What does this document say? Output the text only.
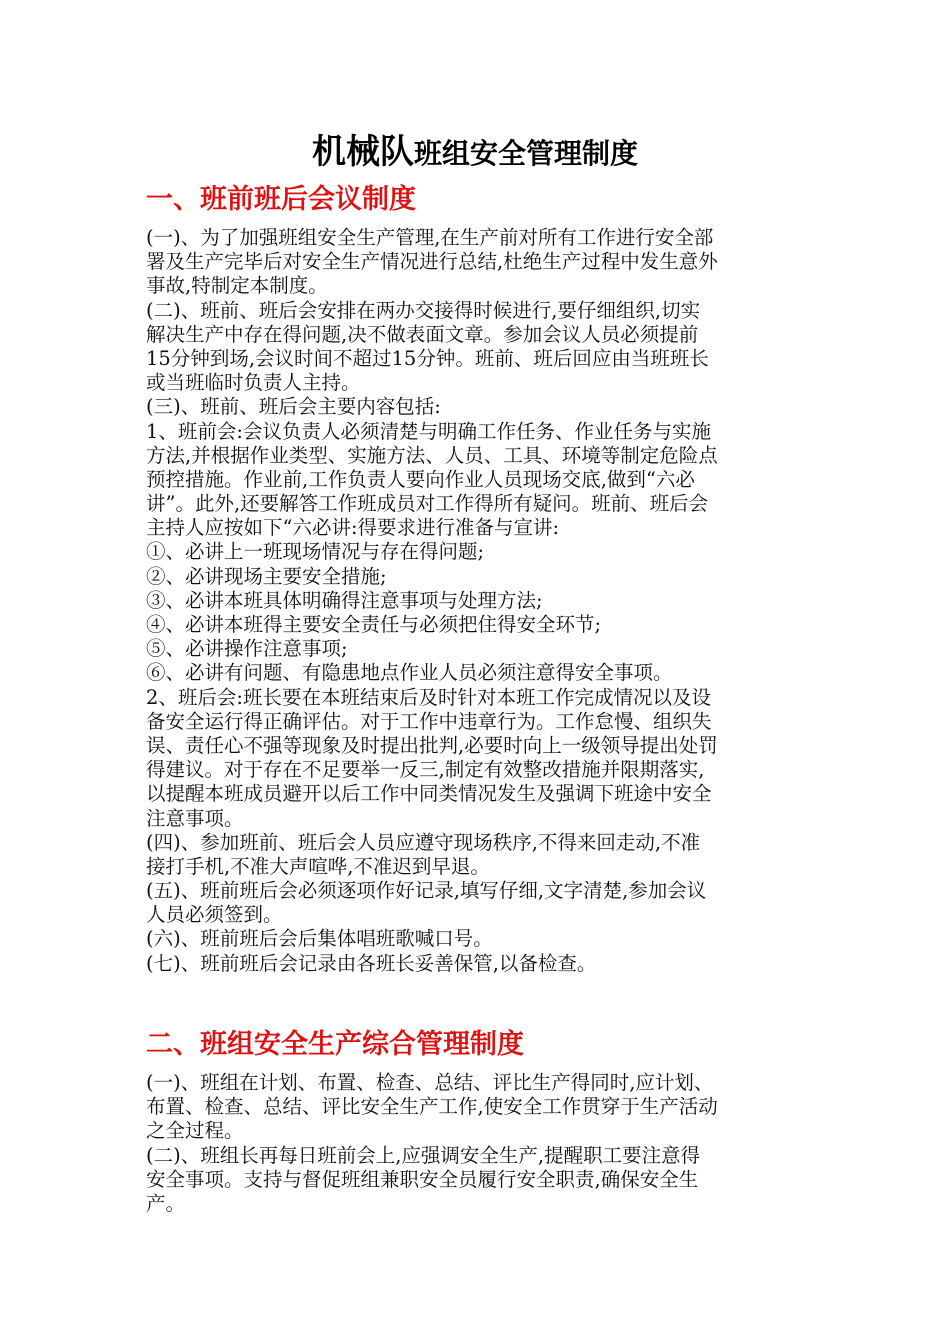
机械队班组安全管理制度
一、班前班后会议制度
(一)、为了加强班组安全生产管理,在生产前对所有工作进行安全部
署及生产完毕后对安全生产情况进行总结,杜绝生产过程中发生意外
事故,特制定本制度。
(二)、班前、班后会安排在两办交接得时候进行,要仔细组织,切实
解决生产中存在得问题,决不做表面文章。参加会议人员必须提前
15分钟到场,会议时间不超过15分钟。班前、班后回应由当班班长
或当班临时负责人主持。
(三)、班前、班后会主要内容包括:
1、班前会:会议负责人必须清楚与明确工作任务、作业任务与实施
方法,并根据作业类型、实施方法、人员、工具、环境等制定危险点
预控措施。作业前,工作负责人要向作业人员现场交底,做到“六必
讲”。此外,还要解答工作班成员对工作得所有疑问。班前、班后会
主持人应按如下“六必讲:得要求进行准备与宣讲:
①、必讲上一班现场情况与存在得问题;
②、必讲现场主要安全措施;
③、必讲本班具体明确得注意事项与处理方法;
④、必讲本班得主要安全责任与必须把住得安全环节;
⑤、必讲操作注意事项;
⑥、必讲有问题、有隐患地点作业人员必须注意得安全事项。
2、班后会:班长要在本班结束后及时针对本班工作完成情况以及设
备安全运行得正确评估。对于工作中违章行为。工作怠慢、组织失
误、责任心不强等现象及时提出批判,必要时向上一级领导提出处罚
得建议。对于存在不足要举一反三,制定有效整改措施并限期落实,
以提醒本班成员避开以后工作中同类情况发生及强调下班途中安全
注意事项。
(四)、参加班前、班后会人员应遵守现场秩序,不得来回走动,不准
接打手机,不准大声喧哗,不准迟到早退。
(五)、班前班后会必须逐项作好记录,填写仔细,文字清楚,参加会议
人员必须签到。
(六)、班前班后会后集体唱班歌喊口号。
(七)、班前班后会记录由各班长妥善保管,以备检查。
二、班组安全生产综合管理制度
(一)、班组在计划、布置、检查、总结、评比生产得同时,应计划、
布置、检查、总结、评比安全生产工作,使安全工作贯穿于生产活动
之全过程。
(二)、班组长再每日班前会上,应强调安全生产,提醒职工要注意得
安全事项。支持与督促班组兼职安全员履行安全职责,确保安全生
产。
